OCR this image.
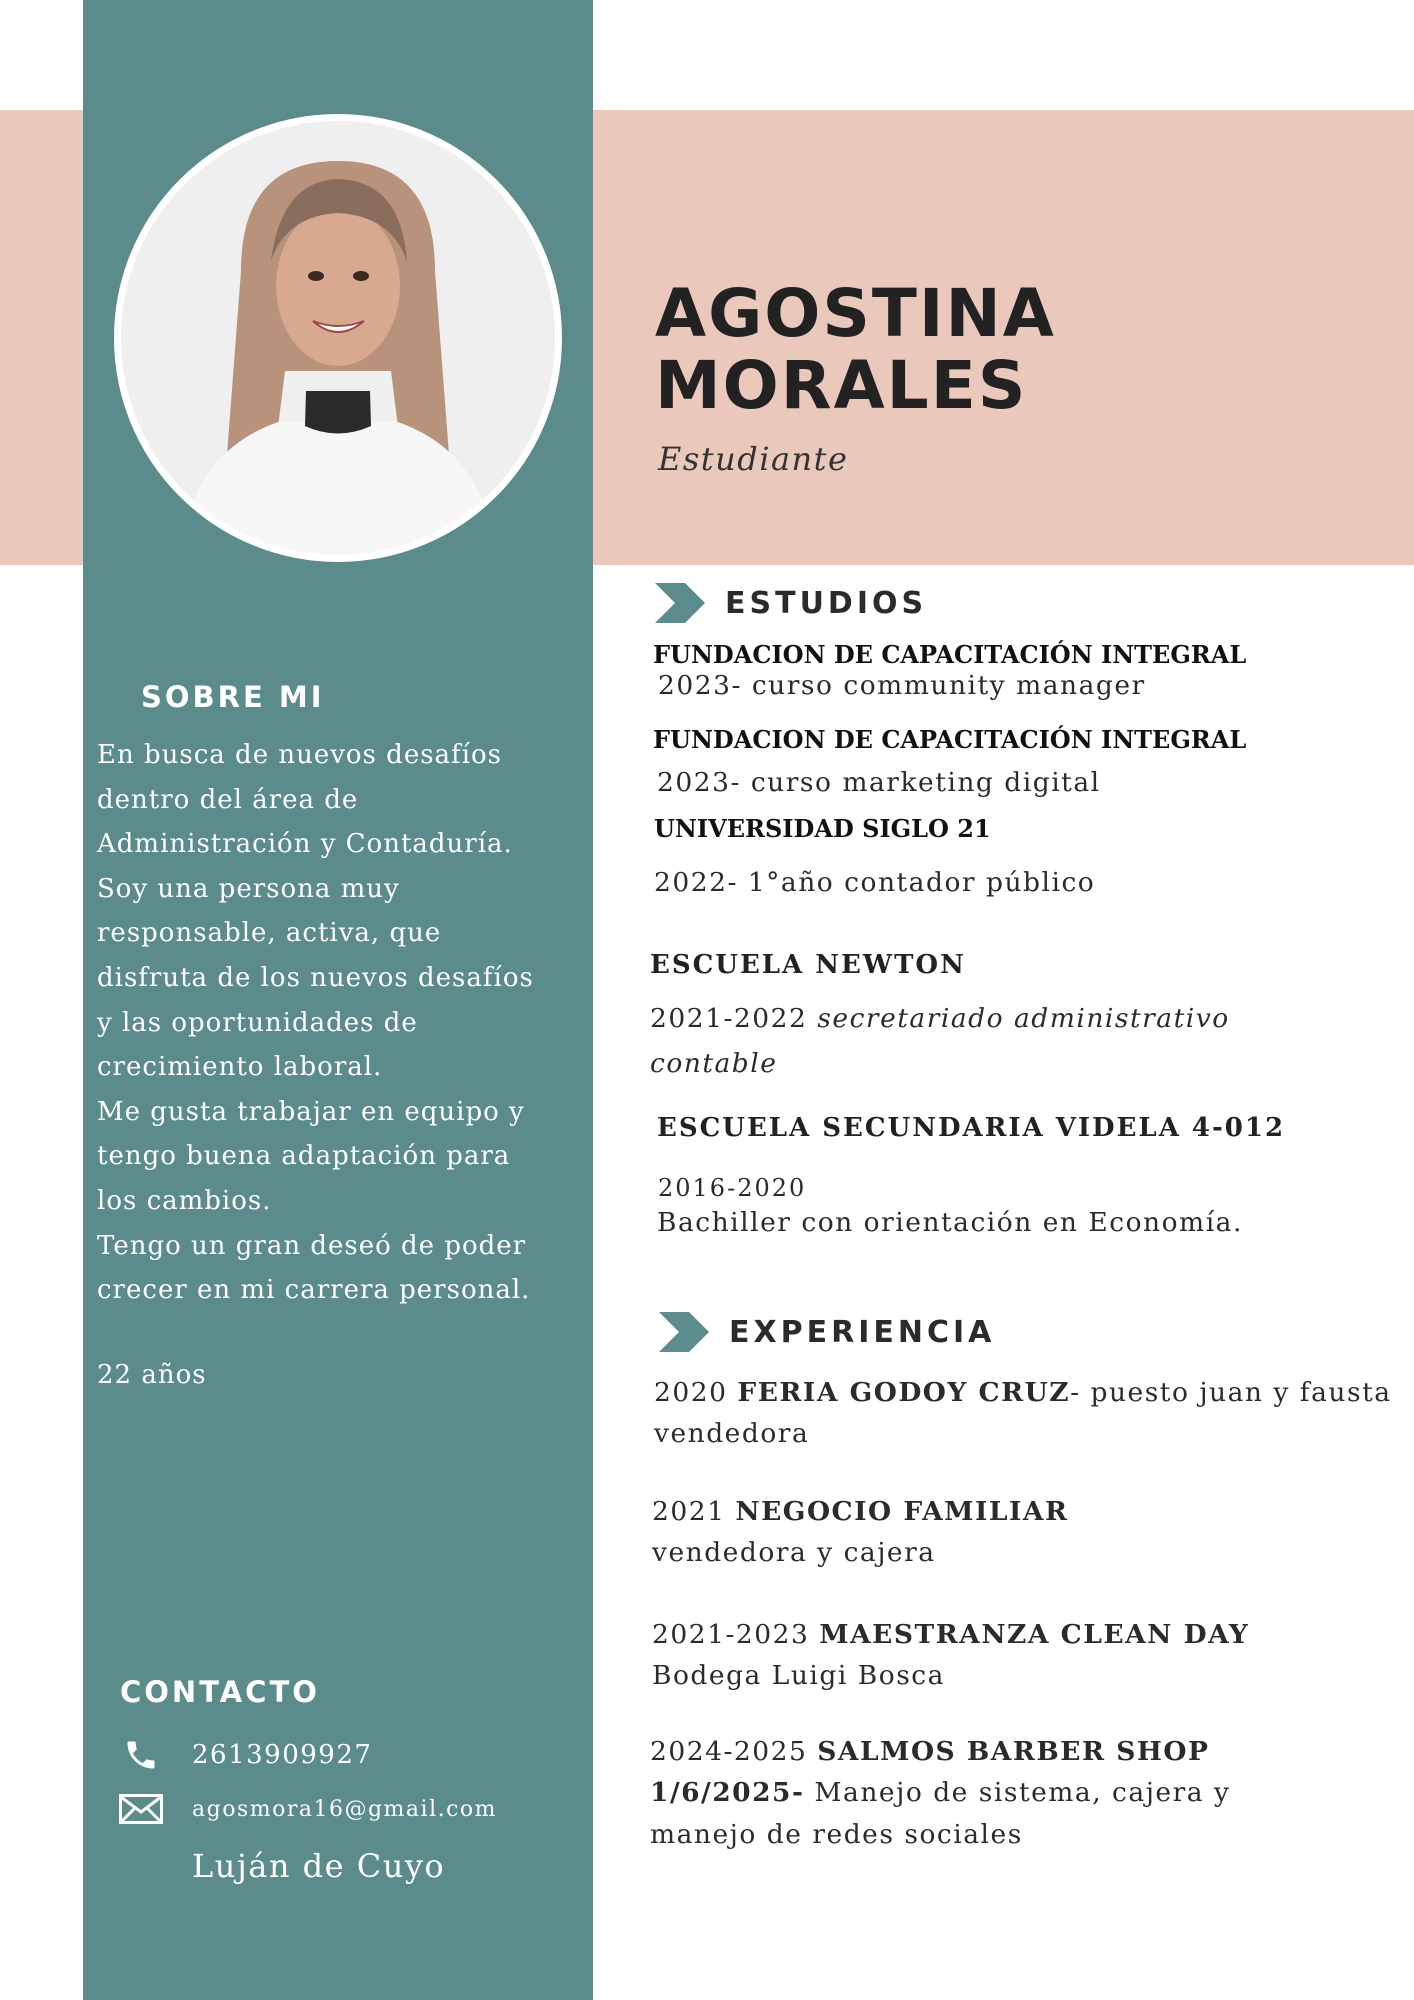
AGOSTINA
MORALES
Estudiante
SOBRE MI
En busca de nuevos desafíos
dentro del área de
Administración y Contaduría.
Soy una persona muy
responsable, activa, que
disfruta de los nuevos desafíos
y las oportunidades de
crecimiento laboral.
Me gusta trabajar en equipo y
tengo buena adaptación para
los cambios.
Tengo un gran deseó de poder
crecer en mi carrera personal.
22 años
CONTACTO
2613909927
agosmora16@gmail.com
Luján de Cuyo
ESTUDIOS
FUNDACION DE CAPACITACIÓN INTEGRAL
2023- curso community manager
FUNDACION DE CAPACITACIÓN INTEGRAL
2023- curso marketing digital
UNIVERSIDAD SIGLO 21
2022- 1°año contador público
ESCUELA NEWTON
2021-2022 secretariado administrativo
contable
ESCUELA SECUNDARIA VIDELA 4-012
2016-2020
Bachiller con orientación en Economía.
EXPERIENCIA
2020 FERIA GODOY CRUZ- puesto juan y fausta
vendedora
2021 NEGOCIO FAMILIAR
vendedora y cajera
2021-2023 MAESTRANZA CLEAN DAY
Bodega Luigi Bosca
2024-2025 SALMOS BARBER SHOP
1/6/2025- Manejo de sistema, cajera y
manejo de redes sociales
